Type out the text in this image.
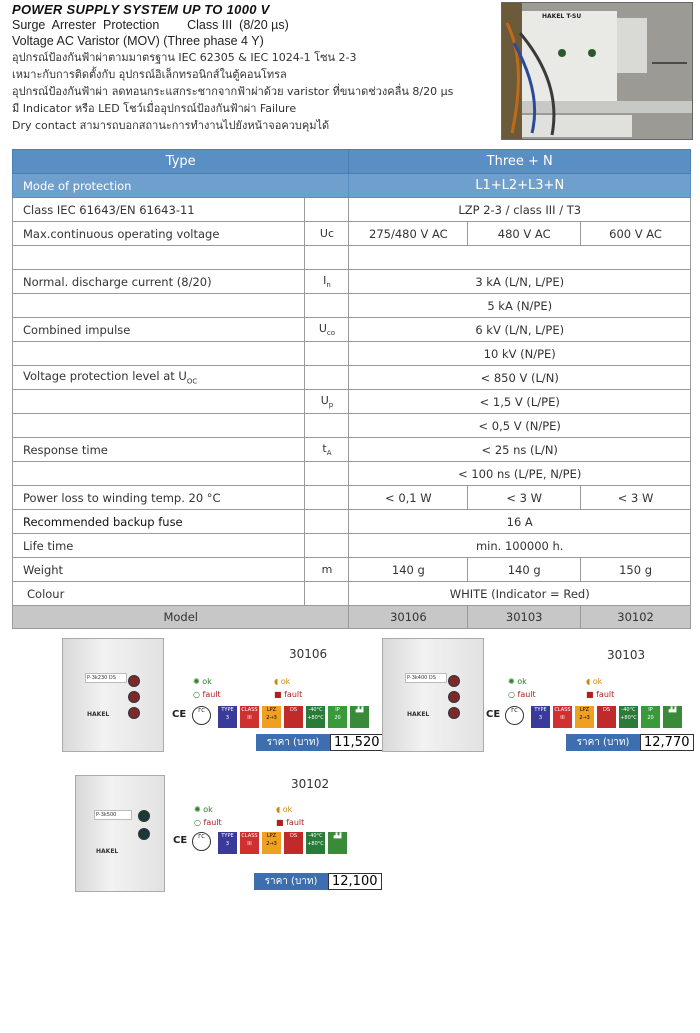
POWER SUPPLY SYSTEM UP TO 1000 V
Surge  Arrester  Protection        Class III  (8/20 µs)
Voltage AC Varistor (MOV) (Three phase 4 Y)
อุปกรณ์ป้องกันฟ้าผ่าตามมาตรฐาน IEC 62305 & IEC 1024-1 โซน 2-3
เหมาะกับการติดตั้งกับ อุปกรณ์อิเล็กทรอนิกส์ในตู้คอนโทรล
อุปกรณ์ป้องกันฟ้าผ่า ลดทอนกระแสกระชากจากฟ้าผ่าด้วย varistor ที่ขนาดช่วงคลื่น 8/20 µs
มี Indicator หรือ LED โชว์เมื่ออุปกรณ์ป้องกันฟ้าผ่า Failure
Dry contact สามารถบอกสถานะการทำงานไปยังหน้าจอควบคุมได้
HAKEL T-SU
Type		Three + N		
Mode of protection		L1+L2+L3+N		
Class IEC 61643/EN 61643-11		LZP 2-3 / class III / T3		
Max.continuous operating voltage	Uc	275/480 V AC	480 V AC	600 V AC

Normal. discharge current (8/20)	$I_n$	3 kA (L/N, L/PE)		
		5 kA (N/PE)		
Combined impulse	$U_{co}$	6 kV (L/N, L/PE)		
		10 kV (N/PE)		
Voltage protection level at $U_{OC}$		< 850 V (L/N)		
	$U_p$	< 1,5 V (L/PE)		
		< 0,5 V (N/PE)		
Response time	$t_A$	< 25 ns (L/N)		
		< 100 ns (L/PE, N/PE)		
Power loss to winding temp. 20 °C		< 0,1 W	< 3 W	< 3 W
Recommended backup fuse		16 A		
Life time		min. 100000 h.		
Weight	m	140 g	140 g	150 g
Colour		WHITE (Indicator = Red)		
Model		30106	30103	30102
P-3k230 DS
HAKEL
30106
✺ ok
○ fault
◖ ok
■ fault
CE	ГС	TYPE
3
CLASS
III
LPZ
2→3
DS	-40°C +80°C
IP
20
▟▟
ราคา (บาท)	11,520
P-3k400 DS
HAKEL
30103
✺ ok
○ fault
◖ ok
■ fault
CE	ГС	TYPE
3
CLASS
III
LPZ
2→3
DS	-40°C +80°C
IP
20
▟▟
ราคา (บาท)	12,770
P-3k500
HAKEL
30102
✺ ok
○ fault
◖ ok
■ fault
CE	ГС	TYPE
3
CLASS
III
LPZ
2→3
DS	-40°C +80°C
▟▟
ราคา (บาท)	12,100
